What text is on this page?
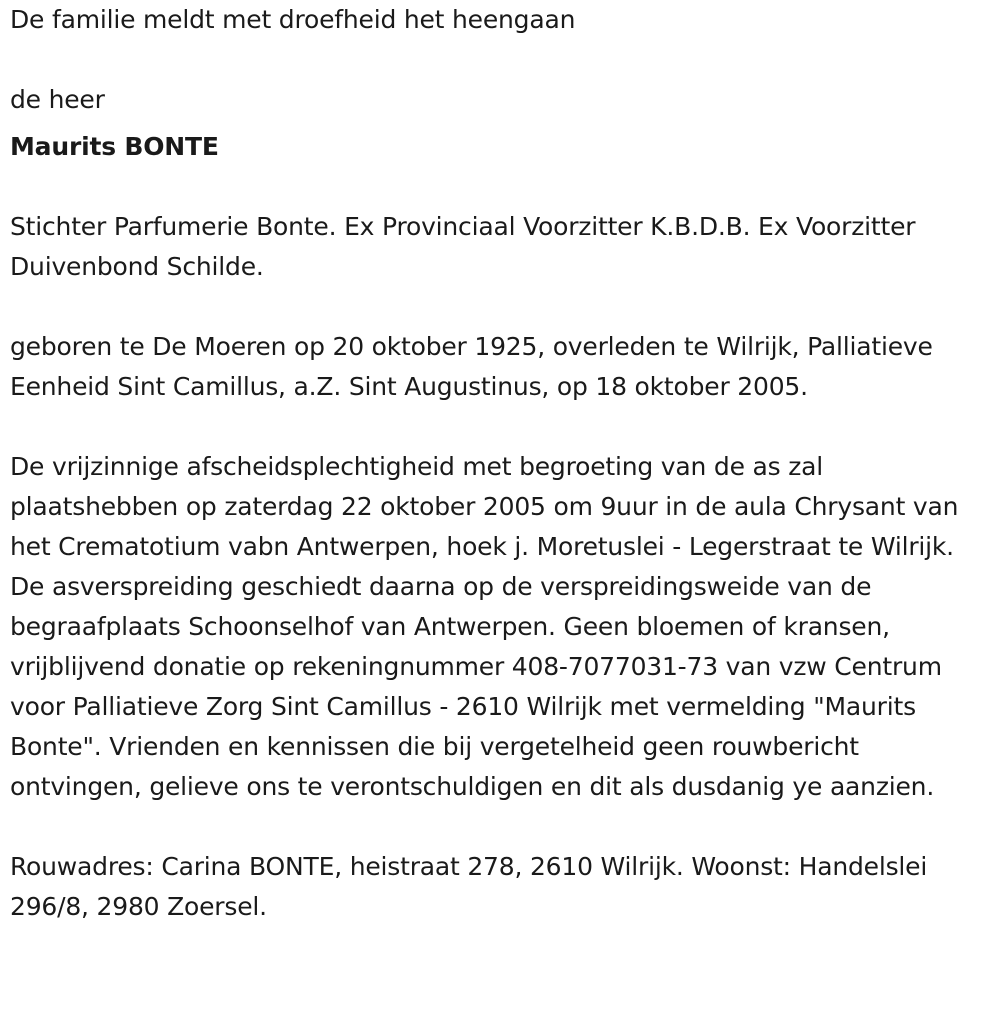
De familie meldt met droefheid het heengaan

de heer

Maurits BONTE

Stichter Parfumerie Bonte. Ex Provinciaal Voorzitter K.B.D.B. Ex Voorzitter Duivenbond Schilde.

geboren te De Moeren op 20 oktober 1925, overleden te Wilrijk, Palliatieve Eenheid Sint Camillus, a.Z. Sint Augustinus, op 18 oktober 2005.

De vrijzinnige afscheidsplechtigheid met begroeting van de as zal plaatshebben op zaterdag 22 oktober 2005 om 9uur in de aula Chrysant van het Crematotium vabn Antwerpen, hoek j. Moretuslei - Legerstraat te Wilrijk. De asverspreiding geschiedt daarna op de verspreidingsweide van de begraafplaats Schoonselhof van Antwerpen. Geen bloemen of kransen, vrijblijvend donatie op rekeningnummer 408-7077031-73 van vzw Centrum voor Palliatieve Zorg Sint Camillus - 2610 Wilrijk met vermelding "Maurits Bonte". Vrienden en kennissen die bij vergetelheid geen rouwbericht ontvingen, gelieve ons te verontschuldigen en dit als dusdanig ye aanzien.

Rouwadres: Carina BONTE, heistraat 278, 2610 Wilrijk. Woonst: Handelslei 296/8, 2980 Zoersel.
